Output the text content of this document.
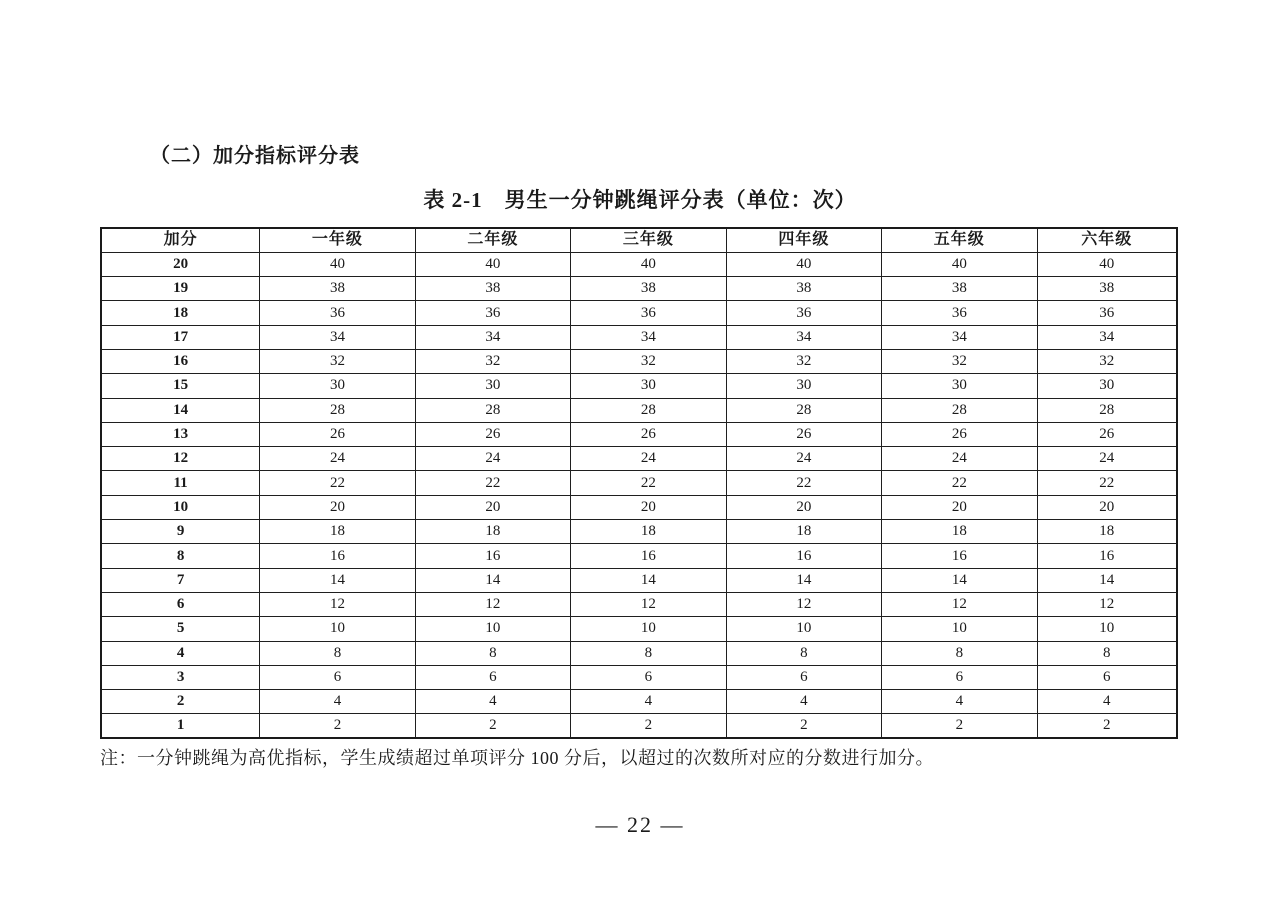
（二）加分指标评分表
表 2-1　男生一分钟跳绳评分表（单位：次）
加分	一年级	二年级	三年级	四年级	五年级	六年级
20	40	40	40	40	40	40
19	38	38	38	38	38	38
18	36	36	36	36	36	36
17	34	34	34	34	34	34
16	32	32	32	32	32	32
15	30	30	30	30	30	30
14	28	28	28	28	28	28
13	26	26	26	26	26	26
12	24	24	24	24	24	24
11	22	22	22	22	22	22
10	20	20	20	20	20	20
9	18	18	18	18	18	18
8	16	16	16	16	16	16
7	14	14	14	14	14	14
6	12	12	12	12	12	12
5	10	10	10	10	10	10
4	8	8	8	8	8	8
3	6	6	6	6	6	6
2	4	4	4	4	4	4
1	2	2	2	2	2	2
注：一分钟跳绳为高优指标，学生成绩超过单项评分 100 分后，以超过的次数所对应的分数进行加分。
— 22 —
